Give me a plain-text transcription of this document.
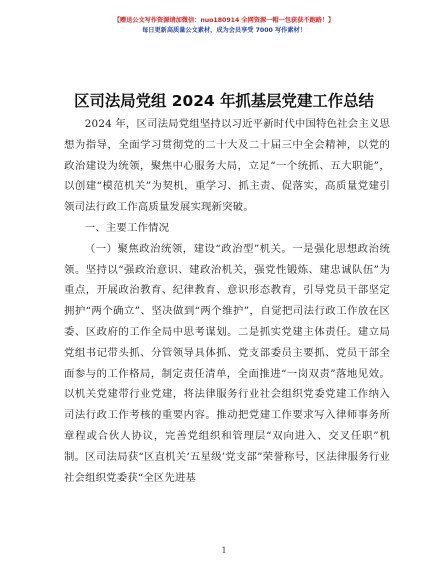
【赠送公文写作资源请加微信：nuo180914 全网资源一帽一包获获不跑路！】
每日更新高质量公文素材，成为会员享受 7000 写作素材！
区司法局党组 2024 年抓基层党建工作总结

2024 年，区司法局党组坚持以习近平新时代中国特色社会主义思想为指导，全面学习贯彻党的二十大及二十届三中全会精神，以党的政治建设为统领，聚焦中心服务大局，立足“一个统抓、五大职能”，以创建“模范机关”为契机，重学习、抓主责、促落实，高质量党建引领司法行政工作高质量发展实现新突破。

一、主要工作情况

（一）聚焦政治统领，建设“政治型”机关。一是强化思想政治统领。坚持以“强政治意识、建政治机关，强党性锻炼、建忠诚队伍”为重点，开展政治教育、纪律教育、意识形态教育，引导党员干部坚定拥护“两个确立”、坚决做到“两个维护”，自觉把司法行政工作放在区委、区政府的工作全局中思考谋划。二是抓实党建主体责任。建立局党组书记带头抓、分管领导具体抓、党支部委员主要抓、党员干部全面参与的工作格局，制定责任清单，全面推进“一岗双责”落地见效。以机关党建带行业党建，将法律服务行业社会组织党委党建工作纳入司法行政工作考核的重要内容。推动把党建工作要求写入律师事务所章程或合伙人协议，完善党组织和管理层“双向进入、交叉任职”机制。区司法局获“区直机关‘五星级’党支部”荣誉称号，区法律服务行业社会组织党委获“全区先进基

1
